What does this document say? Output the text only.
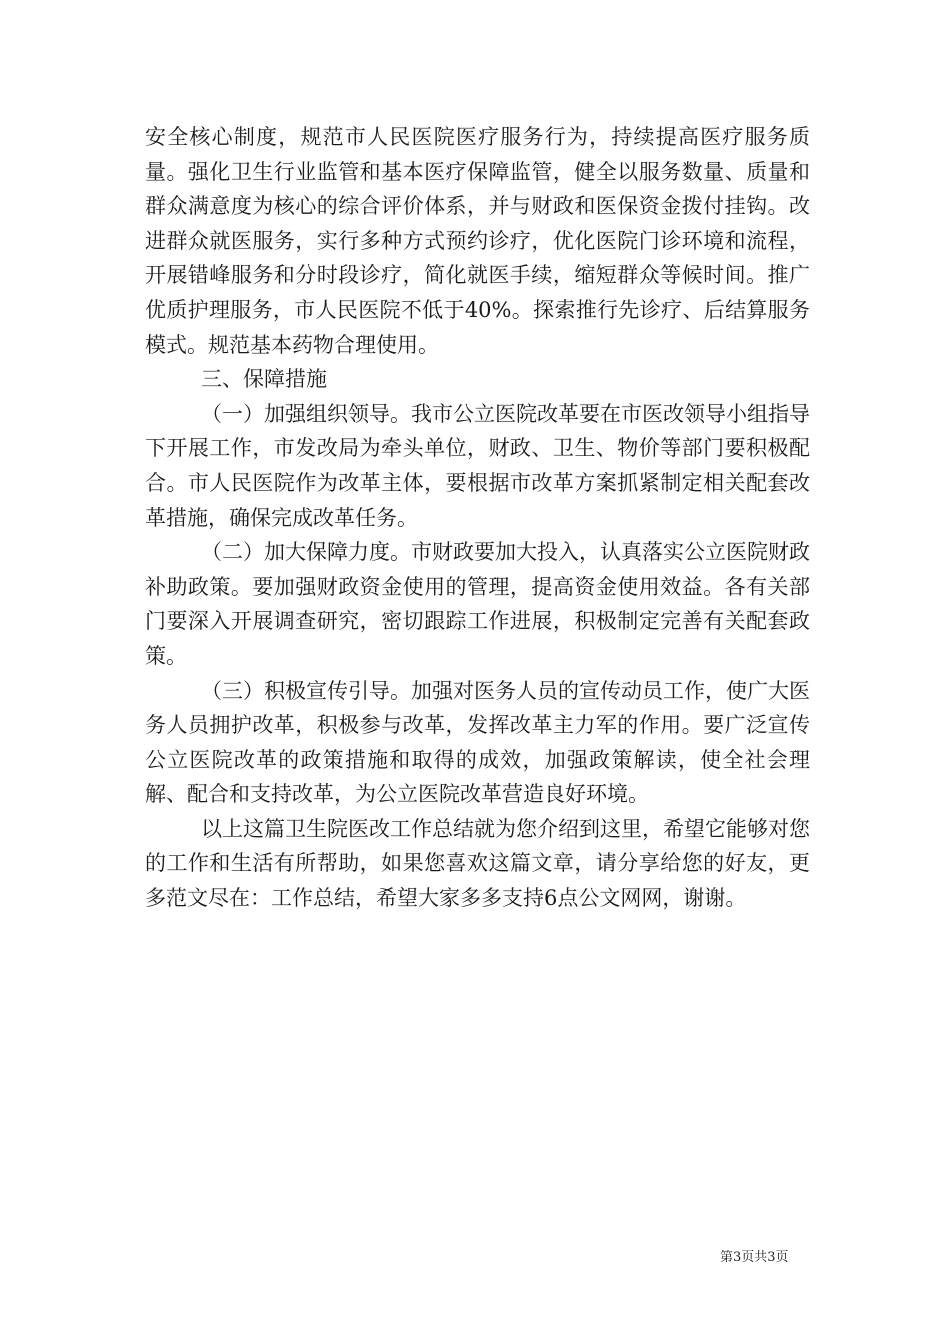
安全核心制度，规范市人民医院医疗服务行为，持续提高医疗服务质量。强化卫生行业监管和基本医疗保障监管，健全以服务数量、质量和群众满意度为核心的综合评价体系，并与财政和医保资金拨付挂钩。改进群众就医服务，实行多种方式预约诊疗，优化医院门诊环境和流程，开展错峰服务和分时段诊疗，简化就医手续，缩短群众等候时间。推广优质护理服务，市人民医院不低于40%。探索推行先诊疗、后结算服务模式。规范基本药物合理使用。

三、保障措施

（一）加强组织领导。我市公立医院改革要在市医改领导小组指导下开展工作，市发改局为牵头单位，财政、卫生、物价等部门要积极配合。市人民医院作为改革主体，要根据市改革方案抓紧制定相关配套改革措施，确保完成改革任务。

（二）加大保障力度。市财政要加大投入，认真落实公立医院财政补助政策。要加强财政资金使用的管理，提高资金使用效益。各有关部门要深入开展调查研究，密切跟踪工作进展，积极制定完善有关配套政策。

（三）积极宣传引导。加强对医务人员的宣传动员工作，使广大医务人员拥护改革，积极参与改革，发挥改革主力军的作用。要广泛宣传公立医院改革的政策措施和取得的成效，加强政策解读，使全社会理解、配合和支持改革，为公立医院改革营造良好环境。

以上这篇卫生院医改工作总结就为您介绍到这里，希望它能够对您的工作和生活有所帮助，如果您喜欢这篇文章，请分享给您的好友，更多范文尽在：工作总结，希望大家多多支持6点公文网网，谢谢。

第3页共3页
